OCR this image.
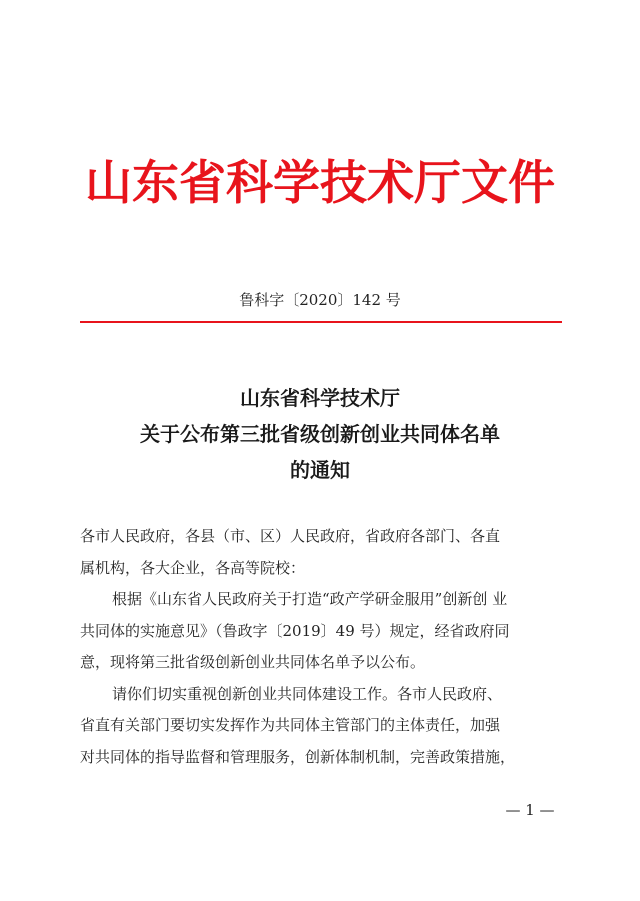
山东省科学技术厅文件
鲁科字〔2020〕142 号
山东省科学技术厅
关于公布第三批省级创新创业共同体名单
的通知
各市人民政府，各县（市、区）人民政府，省政府各部门、各直
属机构，各大企业，各高等院校：
根据《山东省人民政府关于打造“政产学研金服用”创新创 业
共同体的实施意见》（鲁政字〔2019〕49 号）规定，经省政府同
意，现将第三批省级创新创业共同体名单予以公布。
请你们切实重视创新创业共同体建设工作。各市人民政府、
省直有关部门要切实发挥作为共同体主管部门的主体责任，加强
对共同体的指导监督和管理服务，创新体制机制，完善政策措施，
— 1 —
